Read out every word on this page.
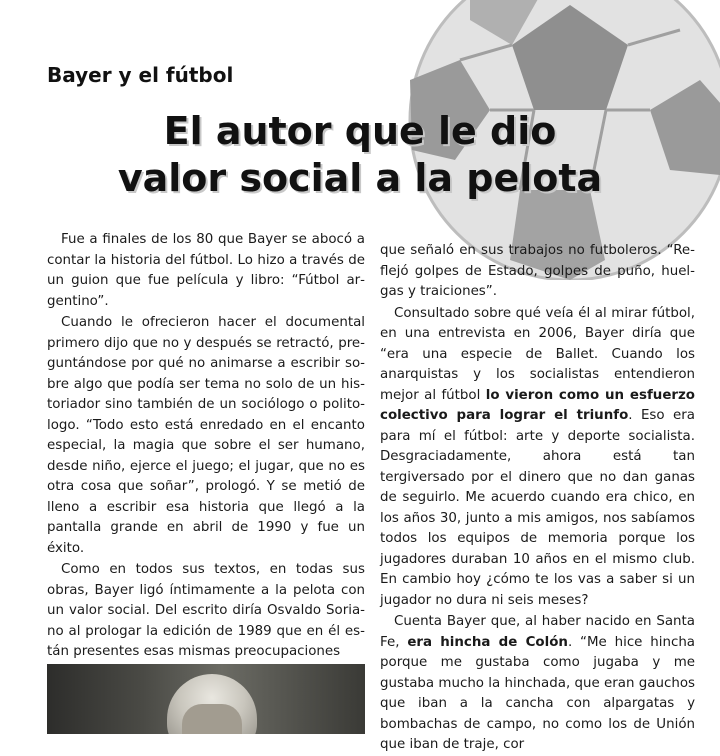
Bayer y el fútbol
El autor que le dio
valor social a la pelota

Fue a finales de los 80 que Bayer se abocó a contar la historia del fútbol. Lo hizo a través de un guion que fue película y libro: “Fútbol argentino”.

Cuando le ofrecieron hacer el documental primero dijo que no y después se retractó, preguntándose por qué no animarse a escribir sobre algo que podía ser tema no solo de un historiador sino también de un sociólogo o politologo. “Todo esto está enredado en el encanto especial, la magia que sobre el ser humano, desde niño, ejerce el juego; el jugar, que no es otra cosa que soñar”, prologó. Y se metió de lleno a escribir esa historia que llegó a la pantalla grande en abril de 1990 y fue un éxito.

Como en todos sus textos, en todas sus obras, Bayer ligó íntimamente a la pelota con un valor social. Del escrito diría Osvaldo Soriano al prologar la edición de 1989 que en él están presentes esas mismas preocupaciones

que señaló en sus trabajos no futboleros. “Reflejó golpes de Estado, golpes de puño, huelgas y traiciones”.

Consultado sobre qué veía él al mirar fútbol, en una entrevista en 2006, Bayer diría que “era una especie de Ballet. Cuando los anarquistas y los socialistas entendieron mejor al fútbol lo vieron como un esfuerzo colectivo para lograr el triunfo. Eso era para mí el fútbol: arte y deporte socialista. Desgraciadamente, ahora está tan tergiversado por el dinero que no dan ganas de seguirlo. Me acuerdo cuando era chico, en los años 30, junto a mis amigos, nos sabíamos todos los equipos de memoria porque los jugadores duraban 10 años en el mismo club. En cambio hoy ¿cómo te los vas a saber si un jugador no dura ni seis meses?

Cuenta Bayer que, al haber nacido en Santa Fe, era hincha de Colón. “Me hice hincha porque me gustaba como jugaba y me gustaba mucho la hinchada, que eran gauchos que iban a la cancha con alpargatas y bombachas de campo, no como los de Unión que iban de traje, cor
